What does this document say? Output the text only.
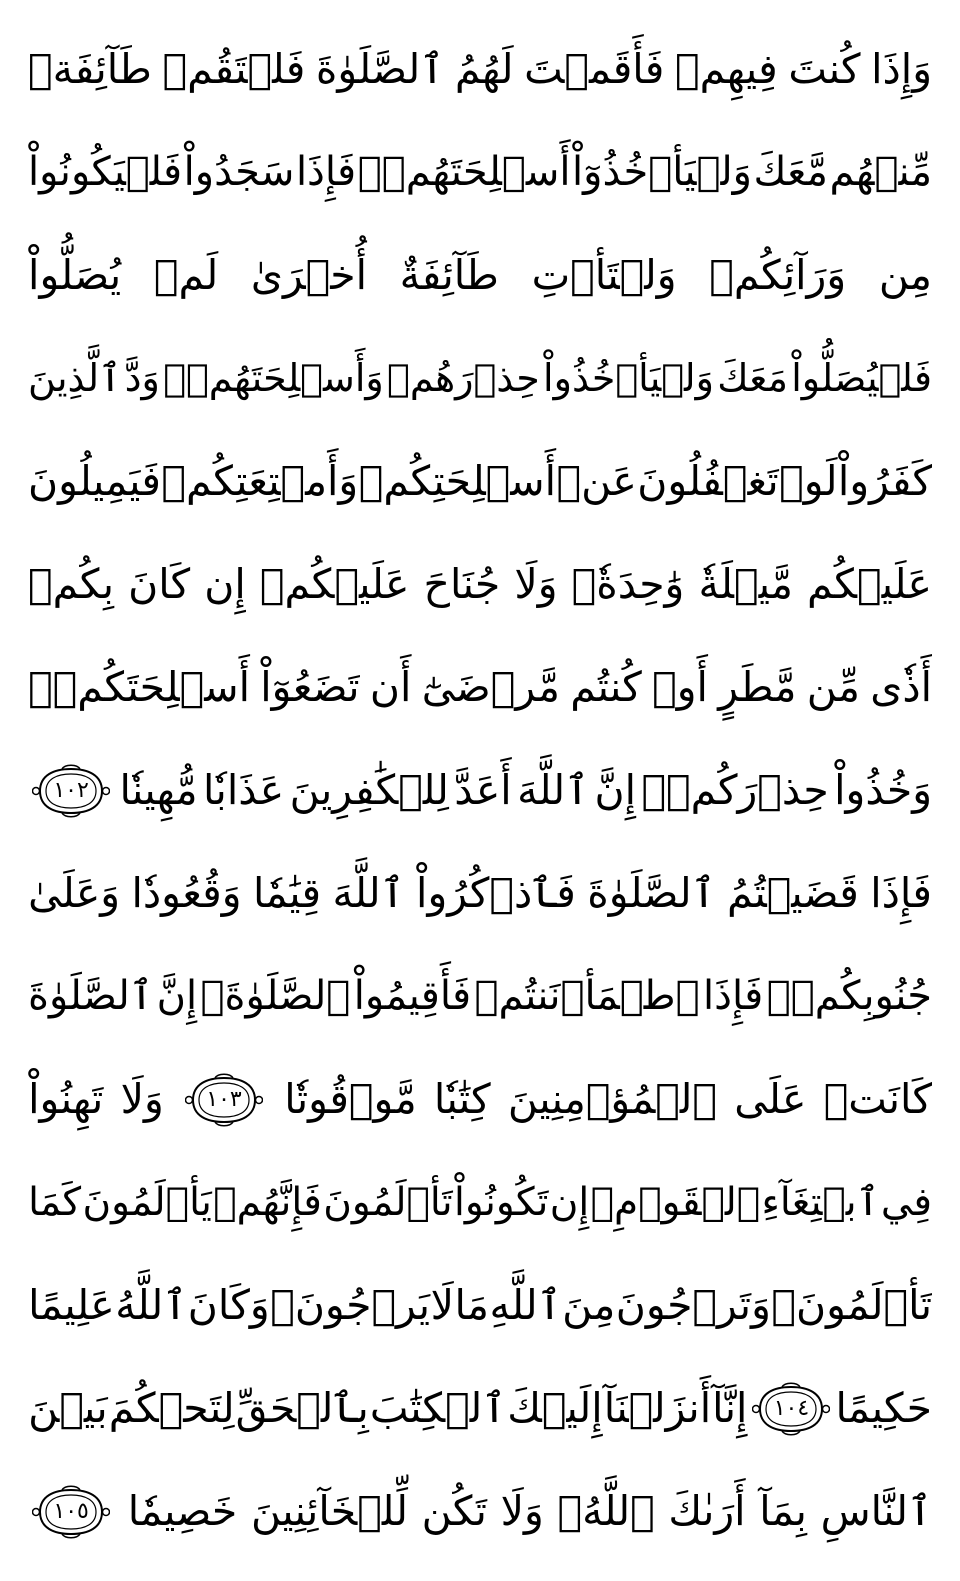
وَإِذَا
كُنتَ
فِيهِمۡ
فَأَقَمۡتَ
لَهُمُ
ٱلصَّلَوٰةَ
فَلۡتَقُمۡ
طَآئِفَةٞ
مِّنۡهُم
مَّعَكَ
وَلۡيَأۡخُذُوٓاْ
أَسۡلِحَتَهُمۡۖ
فَإِذَا
سَجَدُواْ
فَلۡيَكُونُواْ
مِن
وَرَآئِكُمۡ
وَلۡتَأۡتِ
طَآئِفَةٌ
أُخۡرَىٰ
لَمۡ
يُصَلُّواْ
فَلۡيُصَلُّواْ
مَعَكَ
وَلۡيَأۡخُذُواْ
حِذۡرَهُمۡ
وَأَسۡلِحَتَهُمۡۗ
وَدَّ
ٱلَّذِينَ
كَفَرُواْ
لَوۡ
تَغۡفُلُونَ
عَنۡ
أَسۡلِحَتِكُمۡ
وَأَمۡتِعَتِكُمۡ
فَيَمِيلُونَ
عَلَيۡكُم
مَّيۡلَةٗ
وَٰحِدَةٗۚ
وَلَا
جُنَاحَ
عَلَيۡكُمۡ
إِن
كَانَ
بِكُمۡ
أَذٗى
مِّن
مَّطَرٍ
أَوۡ
كُنتُم
مَّرۡضَىٰٓ
أَن
تَضَعُوٓاْ
أَسۡلِحَتَكُمۡۖ
وَخُذُواْ
حِذۡرَكُمۡۗ
إِنَّ
ٱللَّهَ
أَعَدَّ
لِلۡكَٰفِرِينَ
عَذَابٗا
مُّهِينٗا
١٠٢
فَإِذَا
قَضَيۡتُمُ
ٱلصَّلَوٰةَ
فَٱذۡكُرُواْ
ٱللَّهَ
قِيَٰمٗا
وَقُعُودٗا
وَعَلَىٰ
جُنُوبِكُمۡۚ
فَإِذَا
ٱطۡمَأۡنَنتُمۡ
فَأَقِيمُواْ
ٱلصَّلَوٰةَۚ
إِنَّ
ٱلصَّلَوٰةَ
كَانَتۡ
عَلَى
ٱلۡمُؤۡمِنِينَ
كِتَٰبٗا
مَّوۡقُوتٗا
١٠٣
وَلَا
تَهِنُواْ
فِي
ٱبۡتِغَآءِ
ٱلۡقَوۡمِۖ
إِن
تَكُونُواْ
تَأۡلَمُونَ
فَإِنَّهُمۡ
يَأۡلَمُونَ
كَمَا
تَأۡلَمُونَۖ
وَتَرۡجُونَ
مِنَ
ٱللَّهِ
مَا
لَا
يَرۡجُونَۗ
وَكَانَ
ٱللَّهُ
عَلِيمًا
حَكِيمًا
١٠٤
إِنَّآ
أَنزَلۡنَآ
إِلَيۡكَ
ٱلۡكِتَٰبَ
بِٱلۡحَقِّ
لِتَحۡكُمَ
بَيۡنَ
ٱلنَّاسِ
بِمَآ
أَرَىٰكَ
ٱللَّهُۚ
وَلَا
تَكُن
لِّلۡخَآئِنِينَ
خَصِيمٗا
١٠٥
